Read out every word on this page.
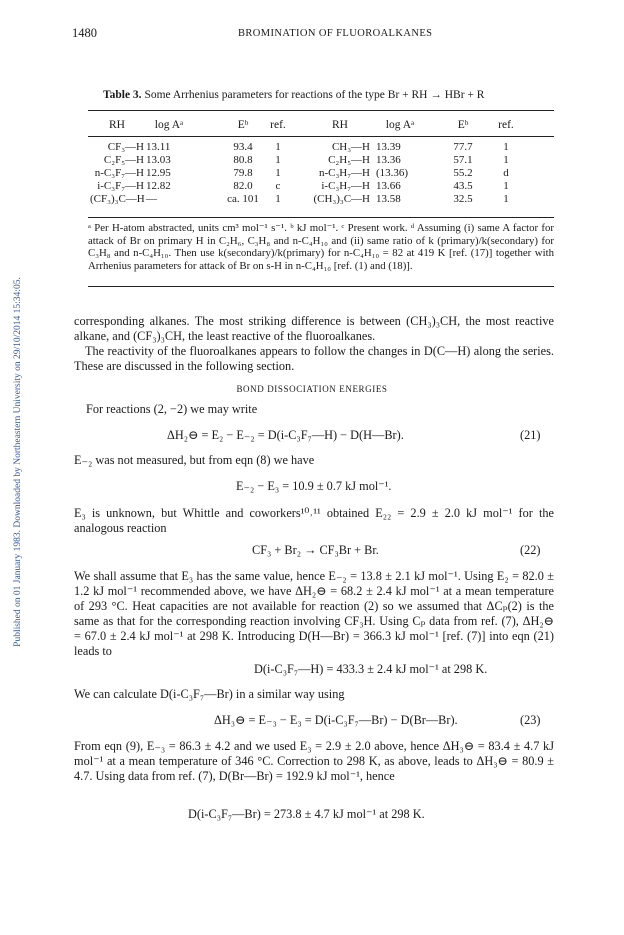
Published on 01 January 1983. Downloaded by Northeastern University on 29/10/2014 15:34:05.
1480	BROMINATION OF FLUOROALKANES
Table 3. Some Arrhenius parameters for reactions of the type Br + RH → HBr + R
RH	log Aᵃ	Eᵇ	ref.	RH	log Aᵃ	Eᵇ	ref.
CF₃—H 13.11	93.4	1	CH₃—H 13.39	77.7	1
C₂F₅—H 13.03	80.8	1	C₂H₅—H 13.36	57.1	1
n-C₃F₇—H 12.95	79.8	1	n-C₃H₇—H (13.36)	55.2	d
i-C₃F₇—H 12.82	82.0	c	i-C₃H₇—H 13.66	43.5	1
(CF₃)₃C—H —	ca. 101	1	(CH₃)₃C—H 13.58	32.5	1

ᵃ Per H-atom abstracted, units cm³ mol⁻¹ s⁻¹. ᵇ kJ mol⁻¹. ᶜ Present work. ᵈ Assuming (i) same A factor for attack of Br on primary H in C₂H₆, C₃H₈ and n-C₄H₁₀ and (ii) same ratio of k (primary)/k(secondary) for C₃H₈ and n-C₄H₁₀. Then use k(secondary)/k(primary) for n-C₄H₁₀ = 82 at 419 K [ref. (17)] together with Arrhenius parameters for attack of Br on s-H in n-C₄H₁₀ [ref. (1) and (18)].

corresponding alkanes. The most striking difference is between (CH₃)₃CH, the most reactive alkane, and (CF₃)₃CH, the least reactive of the fluoroalkanes.

The reactivity of the fluoroalkanes appears to follow the changes in D(C—H) along the series. These are discussed in the following section.

BOND DISSOCIATION ENERGIES
For reactions (2, −2) we may write
ΔH₂⊖ = E₂ − E₋₂ = D(i-C₃F₇—H) − D(H—Br).	(21)
E₋₂ was not measured, but from eqn (8) we have
E₋₂ − E₃ = 10.9 ± 0.7 kJ mol⁻¹.

E₃ is unknown, but Whittle and coworkers¹⁰˒¹¹ obtained E₂₂ = 2.9 ± 2.0 kJ mol⁻¹ for the analogous reaction

CF₃ + Br₂ → CF₃Br + Br.	(22)

We shall assume that E₃ has the same value, hence E₋₂ = 13.8 ± 2.1 kJ mol⁻¹. Using E₂ = 82.0 ± 1.2 kJ mol⁻¹ recommended above, we have ΔH₂⊖ = 68.2 ± 2.4 kJ mol⁻¹ at a mean temperature of 293 °C. Heat capacities are not available for reaction (2) so we assumed that ΔCₚ(2) is the same as that for the corresponding reaction involving CF₃H. Using Cₚ data from ref. (7), ΔH₂⊖ = 67.0 ± 2.4 kJ mol⁻¹ at 298 K. Introducing D(H—Br) = 366.3 kJ mol⁻¹ [ref. (7)] into eqn (21) leads to

D(i-C₃F₇—H) = 433.3 ± 2.4 kJ mol⁻¹ at 298 K.
We can calculate D(i-C₃F₇—Br) in a similar way using
ΔH₃⊖ = E₋₃ − E₃ = D(i-C₃F₇—Br) − D(Br—Br).	(23)

From eqn (9), E₋₃ = 86.3 ± 4.2 and we used E₃ = 2.9 ± 2.0 above, hence ΔH₃⊖ = 83.4 ± 4.7 kJ mol⁻¹ at a mean temperature of 346 °C. Correction to 298 K, as above, leads to ΔH₃⊖ = 80.9 ± 4.7. Using data from ref. (7), D(Br—Br) = 192.9 kJ mol⁻¹, hence

D(i-C₃F₇—Br) = 273.8 ± 4.7 kJ mol⁻¹ at 298 K.
